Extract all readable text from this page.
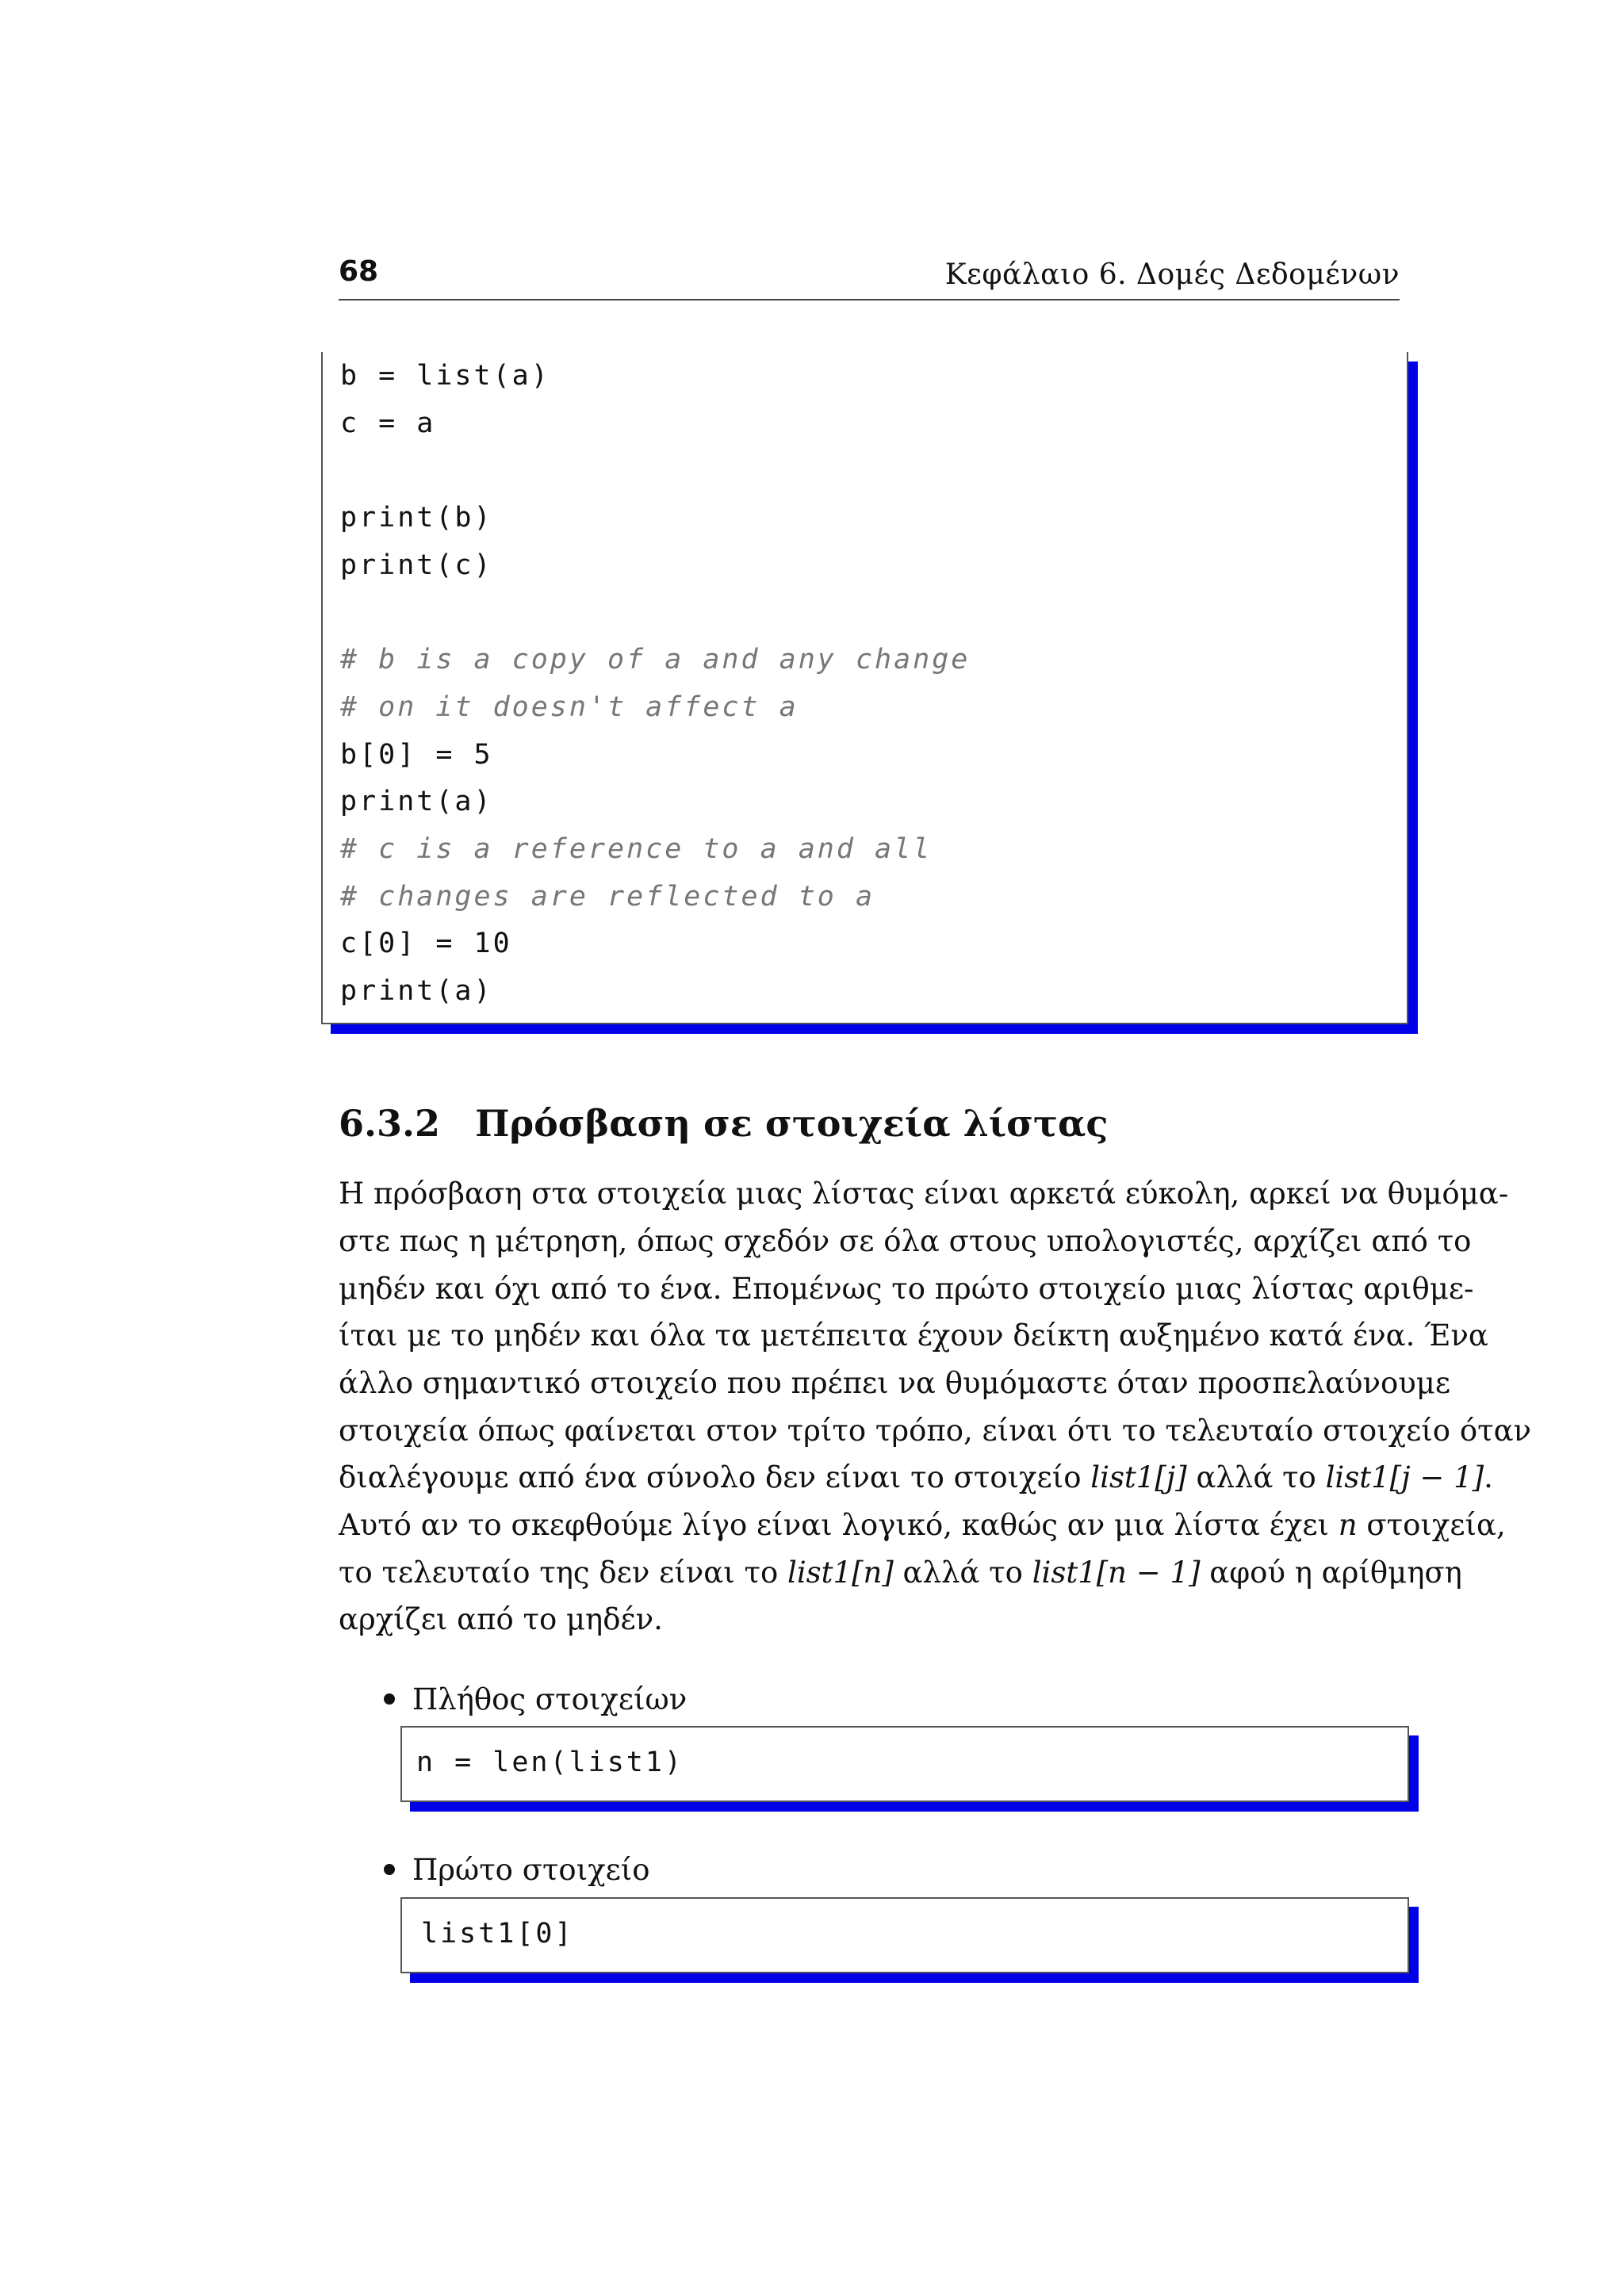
68	Κεφάλαιο 6. Δομές Δεδομένων
b = list(a)
c = a
print(b)
print(c)
# b is a copy of a and any change
# on it doesn't affect a
b[0] = 5
print(a)
# c is a reference to a and all
# changes are reflected to a
c[0] = 10
print(a)
6.3.2 Πρόσβαση σε στοιχεία λίστας
Η πρόσβαση στα στοιχεία μιας λίστας είναι αρκετά εύκολη, αρκεί να θυμόμα-
στε πως η μέτρηση, όπως σχεδόν σε όλα στους υπολογιστές, αρχίζει από το
μηδέν και όχι από το ένα. Επομένως το πρώτο στοιχείο μιας λίστας αριθμε-
ίται με το μηδέν και όλα τα μετέπειτα έχουν δείκτη αυξημένο κατά ένα. Ένα
άλλο σημαντικό στοιχείο που πρέπει να θυμόμαστε όταν προσπελαύνουμε
στοιχεία όπως φαίνεται στον τρίτο τρόπο, είναι ότι το τελευταίο στοιχείο όταν
διαλέγουμε από ένα σύνολο δεν είναι το στοιχείο list1[j] αλλά το list1[j − 1].
Αυτό αν το σκεφθούμε λίγο είναι λογικό, καθώς αν μια λίστα έχει n στοιχεία,
το τελευταίο της δεν είναι το list1[n] αλλά το list1[n − 1] αφού η αρίθμηση
αρχίζει από το μηδέν.
Πλήθος στοιχείων
n = len(list1)
Πρώτο στοιχείο
list1[0]
